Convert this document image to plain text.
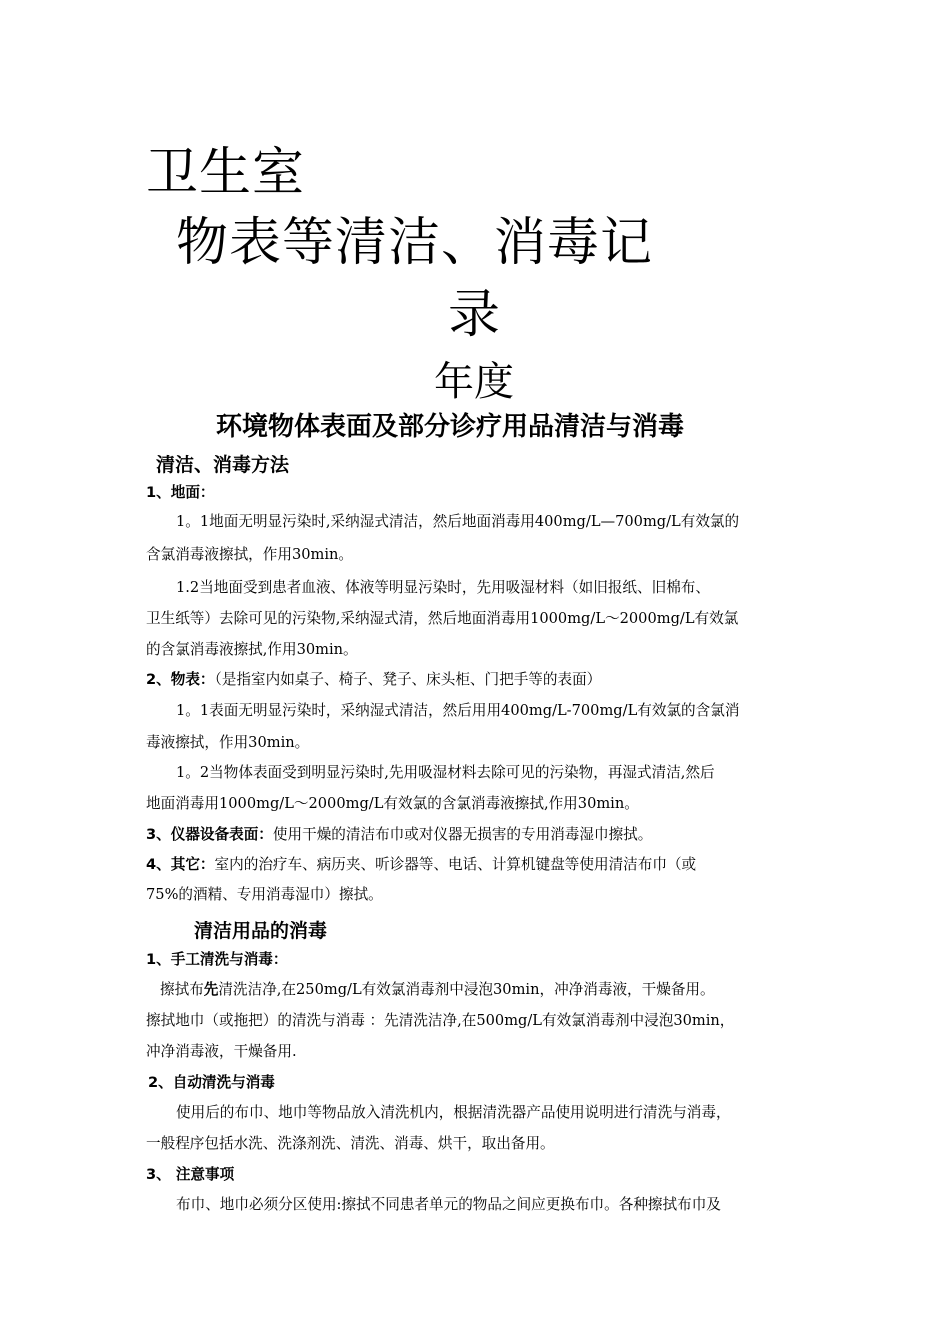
卫生室
物表等清洁、消毒记
录
年度
环境物体表面及部分诊疗用品清洁与消毒
清洁、消毒方法
1、地面：
1。1地面无明显污染时,采纳湿式清洁，然后地面消毒用400mg/L—700mg/L有效氯的
含氯消毒液擦拭，作用30min。
1.2当地面受到患者血液、体液等明显污染时，先用吸湿材料（如旧报纸、旧棉布、
卫生纸等）去除可见的污染物,采纳湿式清，然后地面消毒用1000mg/L～2000mg/L有效氯
的含氯消毒液擦拭,作用30min。
2、物表：（是指室内如桌子、椅子、凳子、床头柜、门把手等的表面）
1。1表面无明显污染时，采纳湿式清洁，然后用用400mg/L-700mg/L有效氯的含氯消
毒液擦拭，作用30min。
1。2当物体表面受到明显污染时,先用吸湿材料去除可见的污染物，再湿式清洁,然后
地面消毒用1000mg/L～2000mg/L有效氯的含氯消毒液擦拭,作用30min。
3、仪器设备表面：使用干燥的清洁布巾或对仪器无损害的专用消毒湿巾擦拭。
4、其它：室内的治疗车、病历夹、听诊器等、电话、计算机键盘等使用清洁布巾（或
75%的酒精、专用消毒湿巾）擦拭。
清洁用品的消毒
1、手工清洗与消毒：
擦拭布先清洗洁净,在250mg/L有效氯消毒剂中浸泡30min，冲净消毒液，干燥备用。
擦拭地巾（或拖把）的清洗与消毒 ：先清洗洁净,在500mg/L有效氯消毒剂中浸泡30min，
冲净消毒液，干燥备用.
2、自动清洗与消毒
使用后的布巾、地巾等物品放入清洗机内，根据清洗器产品使用说明进行清洗与消毒，
一般程序包括水洗、洗涤剂洗、清洗、消毒、烘干，取出备用。
3、 注意事项
布巾、地巾必须分区使用:擦拭不同患者单元的物品之间应更换布巾。各种擦拭布巾及
